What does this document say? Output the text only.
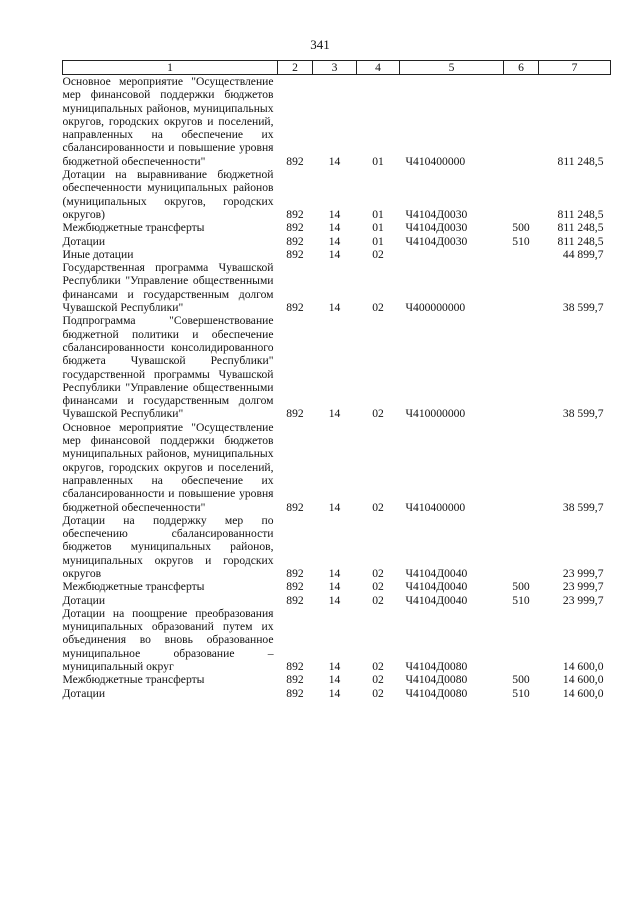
341
1	2	3	4	5	6	7
Основное мероприятие "Осуществление мер финансовой поддержки бюджетов муниципальных районов, муниципальных округов, городских округов и поселений, направленных на обеспечение их сбалансированности и повышение уровня бюджетной обеспеченности"	892	14	01	Ч410400000		811 248,5
Дотации на выравнивание бюджетной обеспеченности муниципальных районов (муниципальных округов, городских округов)	892	14	01	Ч4104Д0030		811 248,5
Межбюджетные трансферты	892	14	01	Ч4104Д0030	500	811 248,5
Дотации	892	14	01	Ч4104Д0030	510	811 248,5
Иные дотации	892	14	02			44 899,7
Государственная программа Чувашской Республики "Управление общественными финансами и государственным долгом Чувашской Республики"	892	14	02	Ч400000000		38 599,7
Подпрограмма "Совершенствование бюджетной политики и обеспечение сбалансированности консолидированного бюджета Чувашской Республики" государственной программы Чувашской Республики "Управление общественными финансами и государственным долгом Чувашской Республики"	892	14	02	Ч410000000		38 599,7
Основное мероприятие "Осуществление мер финансовой поддержки бюджетов муниципальных районов, муниципальных округов, городских округов и поселений, направленных на обеспечение их сбалансированности и повышение уровня бюджетной обеспеченности"	892	14	02	Ч410400000		38 599,7
Дотации на поддержку мер по обеспечению сбалансированности бюджетов муниципальных районов, муниципальных округов и городских округов	892	14	02	Ч4104Д0040		23 999,7
Межбюджетные трансферты	892	14	02	Ч4104Д0040	500	23 999,7
Дотации	892	14	02	Ч4104Д0040	510	23 999,7
Дотации на поощрение преобразования муниципальных образований путем их объединения во вновь образованное муниципальное образование – муниципальный округ	892	14	02	Ч4104Д0080		14 600,0
Межбюджетные трансферты	892	14	02	Ч4104Д0080	500	14 600,0
Дотации	892	14	02	Ч4104Д0080	510	14 600,0
